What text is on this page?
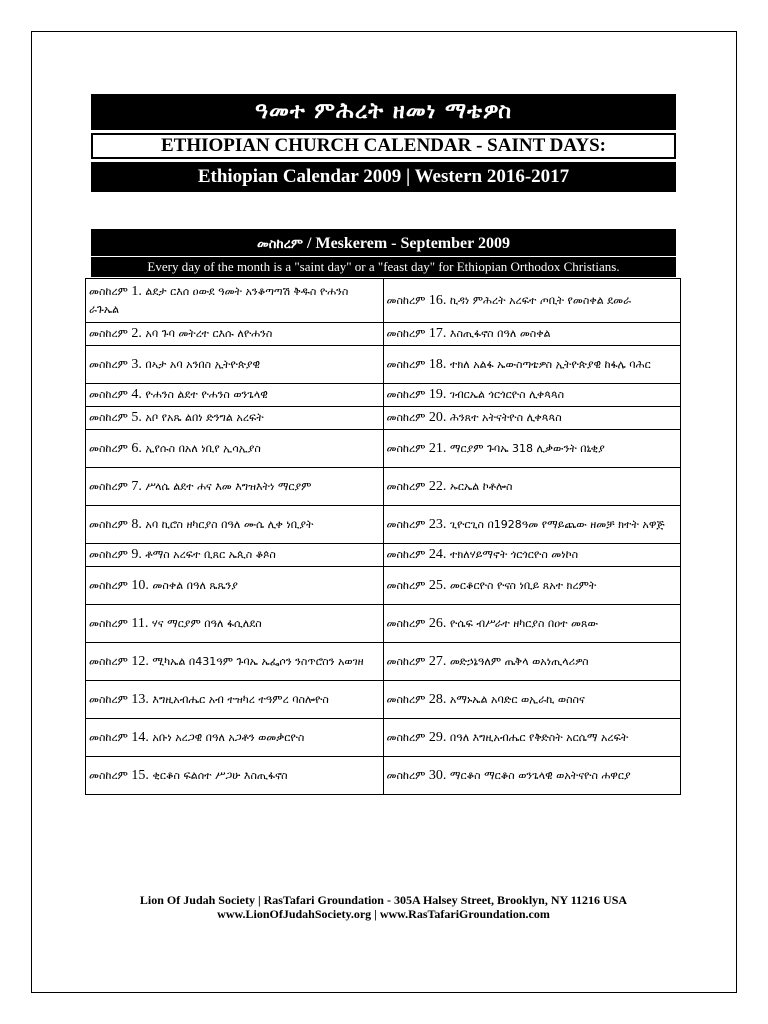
ዓመተ ምሕረት ዘመነ ማቴዎስ
ETHIOPIAN CHURCH CALENDAR - SAINT DAYS:
Ethiopian Calendar 2009 | Western 2016-2017
መስከረም / Meskerem - September 2009
Every day of the month is a "saint day" or a "feast day" for Ethiopian Orthodox Christians.
መስከረም 1. ልደታ ርእሰ ዐውደ ዓመት አንቆጣጣሽ ቅዱስ ዮሐንስ ራጉኤል	መስከረም 16. ኪዳነ ምሕረት አረፍተ ጦቢት የመስቀል ደመራ
መስከረም 2. አባ ጉባ መትረተ ርእሱ ለዮሐንስ	መስከረም 17. እስጢፋኖስ በዓለ መስቀል
መስከረም 3. በኣታ አባ አንበስ ኢትዮጵያዊ	መስከረም 18. ተክለ አልፋ ኤውስጣቴዎስ ኢትዮጵያዊ ከፋሌ ባሕር
መስከረም 4. ዮሐንስ ልደተ ዮሐንስ ወንጌላዊ	መስከረም 19. ገብርኤል ጎርጎርዮስ ሊቀጳጳስ
መስከረም 5. አቦ የአጼ ልበነ ድንግል አረፍት	መስከረም 20. ሕንጸተ አትናትዮስ ሊቀጳጳስ
መስከረም 6. ኢየሱስ በአለ ነቢየ ኢሳኢያስ	መስከረም 21. ማርያም ጉባኤ 318 ሊቃውንት በኒቂያ
መስከረም 7. ሥላሴ ልደተ ሐና እመ እግዝእትነ ማርያም	መስከረም 22. ኡርኤል ኮቶሎስ
መስከረም 8. አባ ኪሮስ ዘካርያስ በዓለ ሙሴ ሊቀ ነቢያት	መስከረም 23. ጊዮርጊስ በ1928ዓመ የማይጨው ዘመቻ ክተት አዋጅ
መስከረም 9. ቶማስ አረፍተ ቢጸር ኤጲስ ቆጶስ	መስከረም 24. ተክለሃይማኖት ጎርጎርዮስ መነኮስ
መስከረም 10. መስቀል በዓለ ጼጼንያ	መስከረም 25. መርቆርዮስ ዮናስ ነቢይ ጸአተ ክረምት
መስከረም 11. ሃና ማርያም በዓለ ፋሲለደስ	መስከረም 26. ዮሴፍ ብሥራተ ዘካርያስ በዐተ መጸው
መስከረም 12. ሚካኤል በ431ዓም ጉባኤ ኤፌሶን ንስጥሮስን አወገዘ	መስከረም 27. መድኃኔዓለም ጤቅላ ወአነጢላሪዎስ
መስከረም 13. እግዚአብሔር አብ ተዝካረ ተዓምረ ባስሎዮስ	መስከረም 28. አማኑኤል አባድር ወኢራኪ ወስስና
መስከረም 14. አቡነ አረጋዊ በዓለ አጋቶን ወመቃርዮስ	መስከረም 29. በዓለ እግዚአብሔር የቅድስት አርሴማ አረፍት
መስከረም 15. ቂርቆስ ፍልሰተ ሥጋሁ እስጢፋኖስ	መስከረም 30. ማርቆስ ማርቆስ ወንጌላዊ ወአትናዮስ ሐዋርያ
Lion Of Judah Society | RasTafari Groundation - 305A Halsey Street, Brooklyn, NY 11216 USA
www.LionOfJudahSociety.org | www.RasTafariGroundation.com
